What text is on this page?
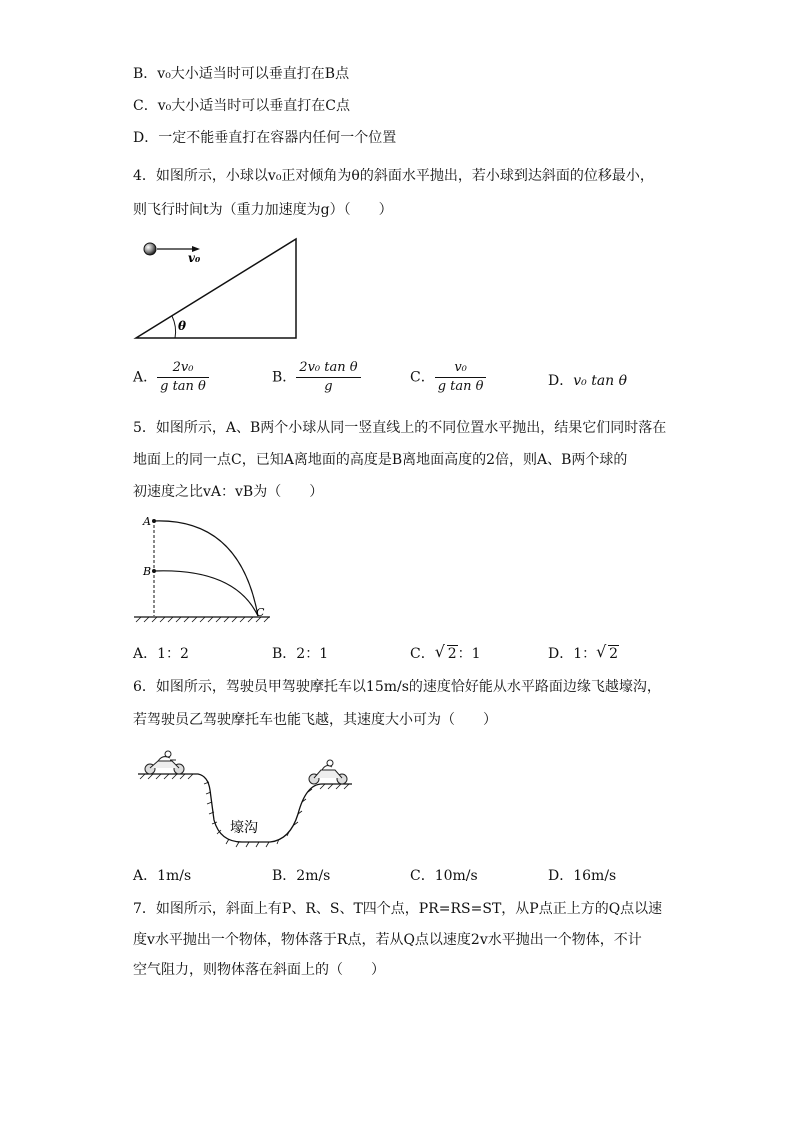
B．v₀大小适当时可以垂直打在B点
C．v₀大小适当时可以垂直打在C点
D．一定不能垂直打在容器内任何一个位置
4．如图所示，小球以v₀正对倾角为θ的斜面水平抛出，若小球到达斜面的位移最小，
则飞行时间t为（重力加速度为g）（　　）
v₀
θ
A． $\frac{\text{2v₀}}{\text{g tan θ}}$	B． $\frac{\text{2v₀ tan θ}}{g}$	C． $\frac{\text{v₀}}{\text{g tan θ}}$	D．v₀ tan θ
5．如图所示，A、B两个小球从同一竖直线上的不同位置水平抛出，结果它们同时落在
地面上的同一点C，已知A离地面的高度是B离地面高度的2倍，则A、B两个球的
初速度之比vA：vB为（　　）
A
B
C
A．1：2	B．2：1	C． √ 2：1	D．1： √ 2
6．如图所示，驾驶员甲驾驶摩托车以15m/s的速度恰好能从水平路面边缘飞越壕沟，
若驾驶员乙驾驶摩托车也能飞越，其速度大小可为（　　）
壕沟
A．1m/s	B．2m/s	C．10m/s	D．16m/s
7．如图所示，斜面上有P、R、S、T四个点，PR=RS=ST，从P点正上方的Q点以速
度v水平抛出一个物体，物体落于R点，若从Q点以速度2v水平抛出一个物体，不计
空气阻力，则物体落在斜面上的（　　）
